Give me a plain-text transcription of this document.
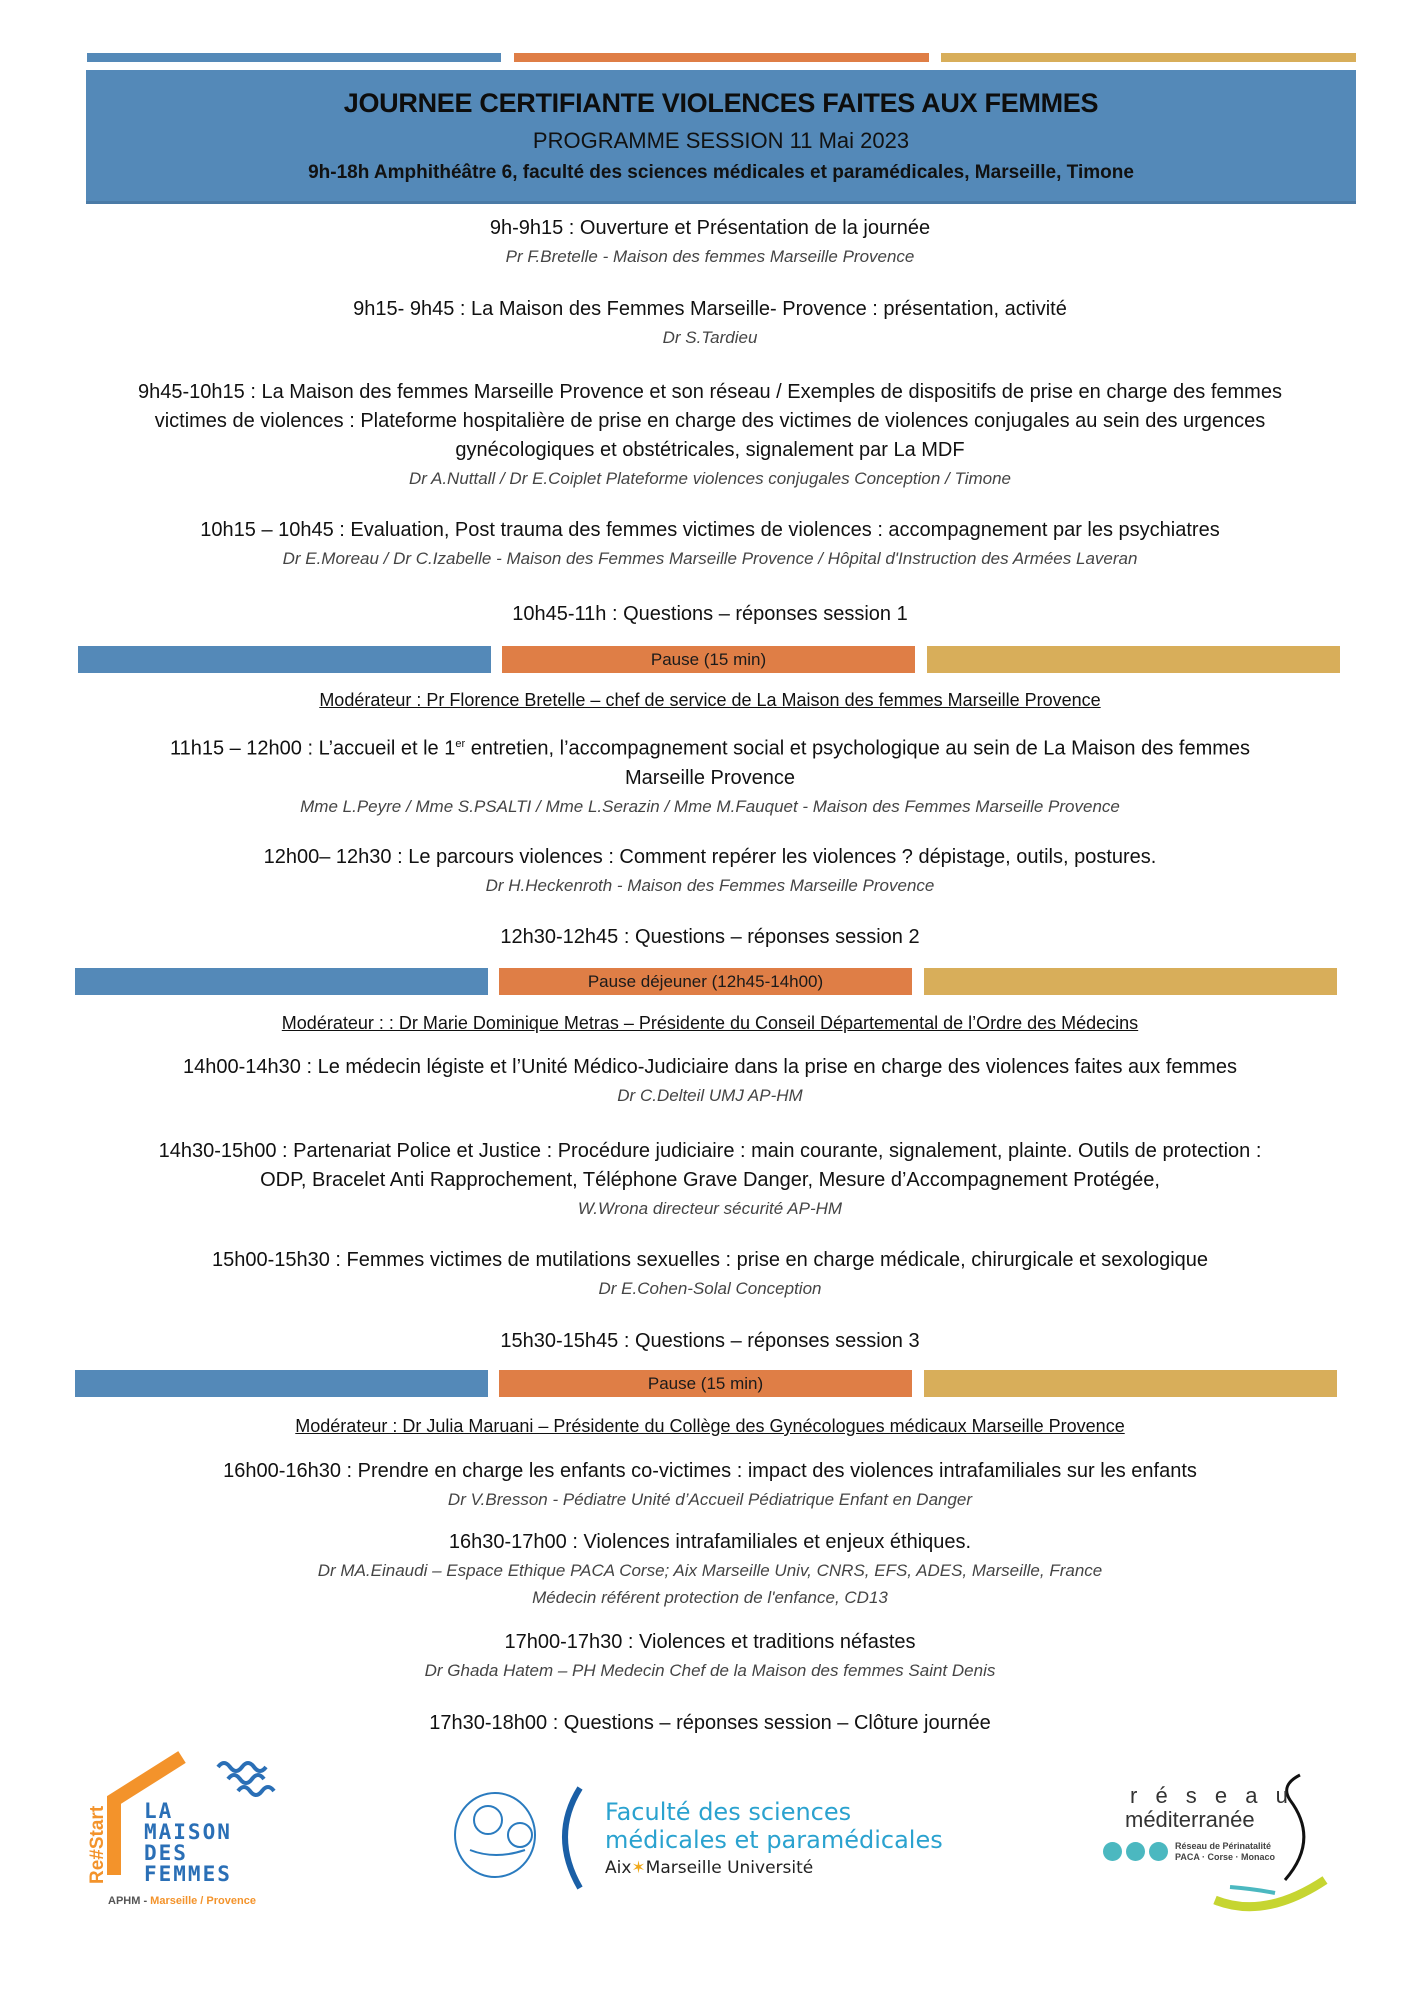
JOURNEE CERTIFIANTE VIOLENCES FAITES AUX FEMMES
PROGRAMME SESSION 11 Mai 2023
9h-18h Amphithéâtre 6, faculté des sciences médicales et paramédicales, Marseille, Timone
9h-9h15 : Ouverture et Présentation de la journée
Pr F.Bretelle - Maison des femmes Marseille Provence
9h15- 9h45 : La Maison des Femmes Marseille- Provence : présentation, activité
Dr S.Tardieu
9h45-10h15 : La Maison des femmes Marseille Provence et son réseau / Exemples de dispositifs de prise en charge des femmes
victimes de violences : Plateforme hospitalière de prise en charge des victimes de violences conjugales au sein des urgences
gynécologiques et obstétricales, signalement par La MDF
Dr A.Nuttall / Dr E.Coiplet Plateforme violences conjugales Conception / Timone
10h15 – 10h45 : Evaluation, Post trauma des femmes victimes de violences : accompagnement par les psychiatres
Dr E.Moreau / Dr C.Izabelle - Maison des Femmes Marseille Provence / Hôpital d'Instruction des Armées Laveran
10h45-11h : Questions – réponses session 1
Pause (15 min)
Modérateur : Pr Florence Bretelle – chef de service de La Maison des femmes Marseille Provence
11h15 – 12h00 : L’accueil et le 1er entretien, l’accompagnement social et psychologique au sein de La Maison des femmes
Marseille Provence
Mme L.Peyre / Mme S.PSALTI / Mme L.Serazin / Mme M.Fauquet - Maison des Femmes Marseille Provence
12h00– 12h30 : Le parcours violences : Comment repérer les violences ? dépistage, outils, postures.
Dr H.Heckenroth - Maison des Femmes Marseille Provence
12h30-12h45 : Questions – réponses session 2
Pause déjeuner (12h45-14h00)
Modérateur : : Dr Marie Dominique Metras – Présidente du Conseil Départemental de l’Ordre des Médecins
14h00-14h30 : Le médecin légiste et l’Unité Médico-Judiciaire dans la prise en charge des violences faites aux femmes
Dr C.Delteil UMJ AP-HM
14h30-15h00 : Partenariat Police et Justice : Procédure judiciaire : main courante, signalement, plainte. Outils de protection :
ODP, Bracelet Anti Rapprochement, Téléphone Grave Danger, Mesure d’Accompagnement Protégée,
W.Wrona directeur sécurité AP-HM
15h00-15h30 : Femmes victimes de mutilations sexuelles : prise en charge médicale, chirurgicale et sexologique
Dr E.Cohen-Solal Conception
15h30-15h45 : Questions – réponses session 3
Pause (15 min)
Modérateur : Dr Julia Maruani – Présidente du Collège des Gynécologues médicaux Marseille Provence
16h00-16h30 : Prendre en charge les enfants co-victimes : impact des violences intrafamiliales sur les enfants
Dr V.Bresson - Pédiatre Unité d’Accueil Pédiatrique Enfant en Danger
16h30-17h00 : Violences intrafamiliales et enjeux éthiques.
Dr MA.Einaudi – Espace Ethique PACA Corse; Aix Marseille Univ, CNRS, EFS, ADES, Marseille, France
Médecin référent protection de l'enfance, CD13
17h00-17h30 : Violences et traditions néfastes
Dr Ghada Hatem – PH Medecin Chef de la Maison des femmes Saint Denis
17h30-18h00 : Questions – réponses session – Clôture journée
Re#Start LA
MAISON
DES
FEMMES
APHM - Marseille / Provence
Faculté des sciences
médicales et paramédicales
Aix✶Marseille Université
r é s e a u
méditerranée
Réseau de Périnatalité
PACA · Corse · Monaco
